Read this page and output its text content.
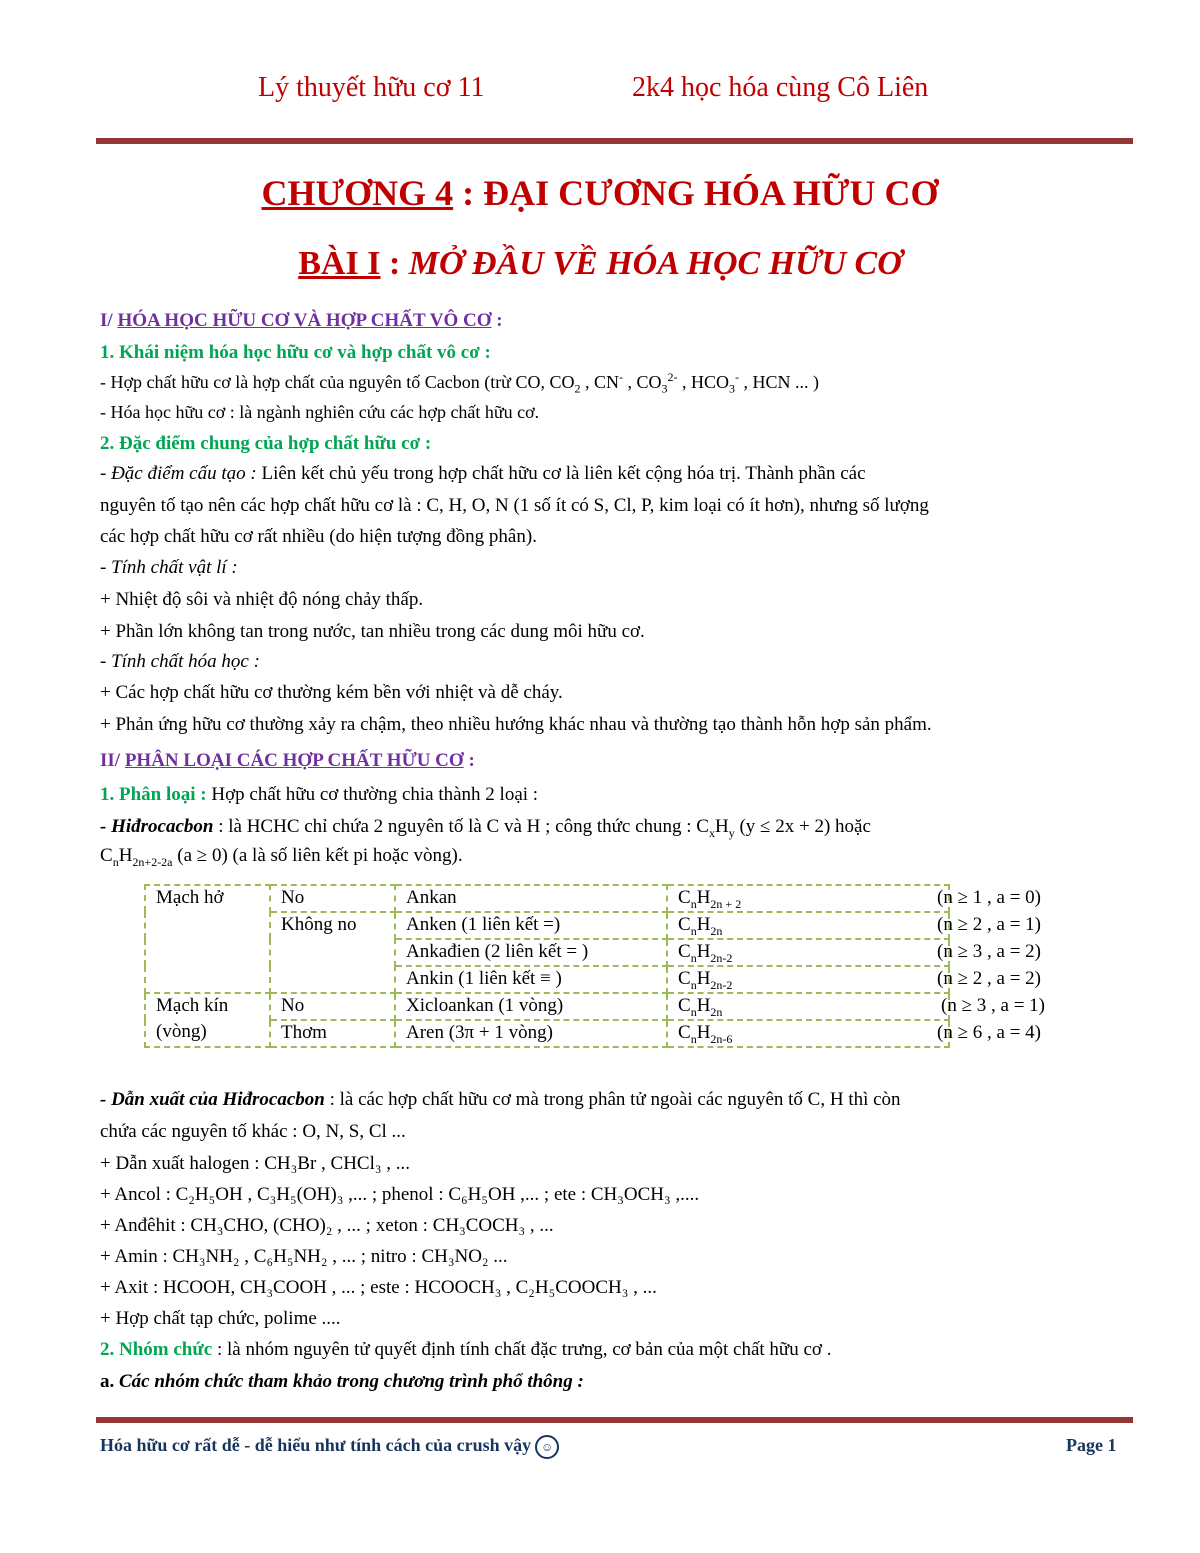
Lý thuyết hữu cơ 11	2k4 học hóa cùng Cô Liên
CHƯƠNG 4 : ĐẠI CƯƠNG HÓA HỮU CƠ
BÀI I : MỞ ĐẦU VỀ HÓA HỌC HỮU CƠ
I/ HÓA HỌC HỮU CƠ VÀ HỢP CHẤT VÔ CƠ :
1. Khái niệm hóa học hữu cơ và hợp chất vô cơ :
- Hợp chất hữu cơ là hợp chất của nguyên tố Cacbon (trừ CO, $CO_2$ , CN- , $CO_3^{2-}$ , $HCO_3^-$ , HCN ... )
- Hóa học hữu cơ : là ngành nghiên cứu các hợp chất hữu cơ.
2. Đặc điểm chung của hợp chất hữu cơ :
- Đặc điểm cấu tạo : Liên kết chủ yếu trong hợp chất hữu cơ là liên kết cộng hóa trị. Thành phần các
nguyên tố tạo nên các hợp chất hữu cơ là : C, H, O, N (1 số ít có S, Cl, P, kim loại có ít hơn), nhưng số lượng
các hợp chất hữu cơ rất nhiều (do hiện tượng đồng phân).
- Tính chất vật lí :
+ Nhiệt độ sôi và nhiệt độ nóng chảy thấp.
+ Phần lớn không tan trong nước, tan nhiều trong các dung môi hữu cơ.
- Tính chất hóa học :
+ Các hợp chất hữu cơ thường kém bền với nhiệt và dễ cháy.
+ Phản ứng hữu cơ thường xảy ra chậm, theo nhiều hướng khác nhau và thường tạo thành hỗn hợp sản phẩm.
II/ PHÂN LOẠI CÁC HỢP CHẤT HỮU CƠ :
1. Phân loại : Hợp chất hữu cơ thường chia thành 2 loại :
- Hiđrocacbon : là HCHC chỉ chứa 2 nguyên tố là C và H ; công thức chung : $C_xH_y$ (y ≤ 2x + 2) hoặc
$C_nH_{2n+2-2a}$ (a ≥ 0) (a là số liên kết pi hoặc vòng).
Mạch hở	No	Ankan	$C_nH_{2n + 2}$ (n ≥ 1 , a = 0)

	Không no	Anken (1 liên kết =)	$C_nH_{2n}$ (n ≥ 2 , a = 1)

		Ankađien (2 liên kết = )	$C_nH_{2n-2}$ (n ≥ 3 , a = 2)

		Ankin (1 liên kết ≡ )	$C_nH_{2n-2}$ (n ≥ 2 , a = 2)

Mạch kín	No	Xicloankan (1 vòng)	$C_nH_{2n}$ (n ≥ 3 , a = 1)

(vòng)	Thơm	Aren (3π + 1 vòng)	$C_nH_{2n-6}$ (n ≥ 6 , a = 4)
- Dẫn xuất của Hiđrocacbon : là các hợp chất hữu cơ mà trong phân tử ngoài các nguyên tố C, H thì còn
chứa các nguyên tố khác : O, N, S, Cl ...
+ Dẫn xuất halogen : CH₃Br , CHCl₃ , ...
+ Ancol : C₂H₅OH , C₃H₅(OH)₃ ,... ; phenol : C₆H₅OH ,... ; ete : CH₃OCH₃ ,....
+ Anđêhit : CH₃CHO, (CHO)₂ , ... ; xeton : CH₃COCH₃ , ...
+ Amin : CH₃NH₂ , C₆H₅NH₂ , ... ; nitro : CH₃NO₂ ...
+ Axit : HCOOH, CH₃COOH , ... ; este : HCOOCH₃ , C₂H₅COOCH₃ , ...
+ Hợp chất tạp chức, polime ....
2. Nhóm chức : là nhóm nguyên tử quyết định tính chất đặc trưng, cơ bản của một chất hữu cơ .
a. Các nhóm chức tham khảo trong chương trình phổ thông :
Hóa hữu cơ rất dễ - dễ hiểu như tính cách của crush vậy ☺	Page 1
